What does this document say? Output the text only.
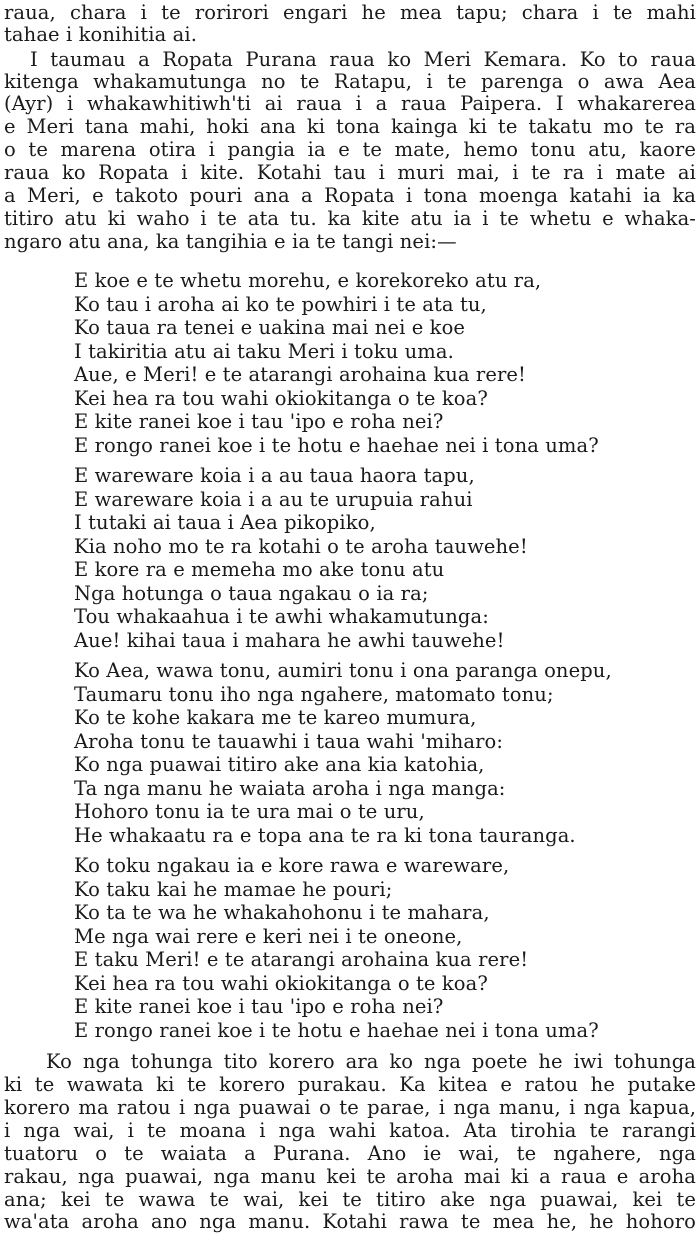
raua, chara i te rorirori engari he mea tapu; chara i te mahi
tahae i konihitia ai.
I taumau a Ropata Purana raua ko Meri Kemara. Ko to raua
kitenga whakamutunga no te Ratapu, i te parenga o awa Aea
(Ayr) i whakawhitiwh'ti ai raua i a raua Paipera. I whakarerea
e Meri tana mahi, hoki ana ki tona kainga ki te takatu mo te ra
o te marena otira i pangia ia e te mate, hemo tonu atu, kaore
raua ko Ropata i kite. Kotahi tau i muri mai, i te ra i mate ai
a Meri, e takoto pouri ana a Ropata i tona moenga katahi ia ka
titiro atu ki waho i te ata tu. ka kite atu ia i te whetu e whaka-
ngaro atu ana, ka tangihia e ia te tangi nei:—
E koe e te whetu morehu, e korekoreko atu ra,
Ko tau i aroha ai ko te powhiri i te ata tu,
Ko taua ra tenei e uakina mai nei e koe
I takiritia atu ai taku Meri i toku uma.
Aue, e Meri! e te atarangi arohaina kua rere!
Kei hea ra tou wahi okiokitanga o te koa?
E kite ranei koe i tau 'ipo e roha nei?
E rongo ranei koe i te hotu e haehae nei i tona uma?
E wareware koia i a au taua haora tapu,
E wareware koia i a au te urupuia rahui
I tutaki ai taua i Aea pikopiko,
Kia noho mo te ra kotahi o te aroha tauwehe!
E kore ra e memeha mo ake tonu atu
Nga hotunga o taua ngakau o ia ra;
Tou whakaahua i te awhi whakamutunga:
Aue! kihai taua i mahara he awhi tauwehe!
Ko Aea, wawa tonu, aumiri tonu i ona paranga onepu,
Taumaru tonu iho nga ngahere, matomato tonu;
Ko te kohe kakara me te kareo mumura,
Aroha tonu te tauawhi i taua wahi 'miharo:
Ko nga puawai titiro ake ana kia katohia,
Ta nga manu he waiata aroha i nga manga:
Hohoro tonu ia te ura mai o te uru,
He whakaatu ra e topa ana te ra ki tona tauranga.
Ko toku ngakau ia e kore rawa e wareware,
Ko taku kai he mamae he pouri;
Ko ta te wa he whakahohonu i te mahara,
Me nga wai rere e keri nei i te oneone,
E taku Meri! e te atarangi arohaina kua rere!
Kei hea ra tou wahi okiokitanga o te koa?
E kite ranei koe i tau 'ipo e roha nei?
E rongo ranei koe i te hotu e haehae nei i tona uma?
Ko nga tohunga tito korero ara ko nga poete he iwi tohunga
ki te wawata ki te korero purakau. Ka kitea e ratou he putake
korero ma ratou i nga puawai o te parae, i nga manu, i nga kapua,
i nga wai, i te moana i nga wahi katoa. Ata tirohia te rarangi
tuatoru o te waiata a Purana. Ano ie wai, te ngahere, nga
rakau, nga puawai, nga manu kei te aroha mai ki a raua e aroha
ana; kei te wawa te wai, kei te titiro ake nga puawai, kei te
wa'ata aroha ano nga manu. Kotahi rawa te mea he, he hohoro
